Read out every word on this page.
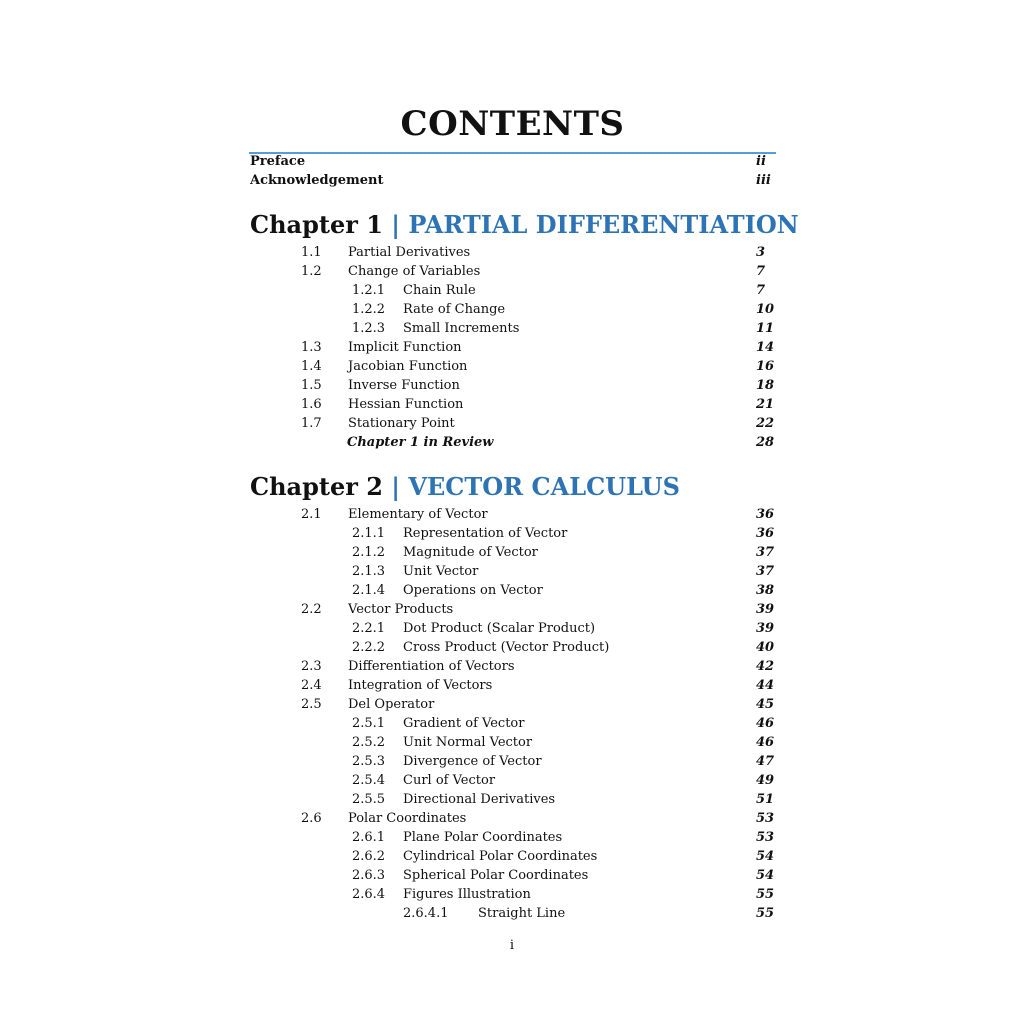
CONTENTS
Preface	ii
Acknowledgement	iii
Chapter 1 | PARTIAL DIFFERENTIATION
1.1 Partial Derivatives	3
1.2 Change of Variables	7
1.2.1 Chain Rule	7
1.2.2 Rate of Change	10
1.2.3 Small Increments	11
1.3 Implicit Function	14
1.4 Jacobian Function	16
1.5 Inverse Function	18
1.6 Hessian Function	21
1.7 Stationary Point	22
Chapter 1 in Review	28
Chapter 2 | VECTOR CALCULUS
2.1 Elementary of Vector	36
2.1.1 Representation of Vector	36
2.1.2 Magnitude of Vector	37
2.1.3 Unit Vector	37
2.1.4 Operations on Vector	38
2.2 Vector Products	39
2.2.1 Dot Product (Scalar Product)	39
2.2.2 Cross Product (Vector Product)	40
2.3 Differentiation of Vectors	42
2.4 Integration of Vectors	44
2.5 Del Operator	45
2.5.1 Gradient of Vector	46
2.5.2 Unit Normal Vector	46
2.5.3 Divergence of Vector	47
2.5.4 Curl of Vector	49
2.5.5 Directional Derivatives	51
2.6 Polar Coordinates	53
2.6.1 Plane Polar Coordinates	53
2.6.2 Cylindrical Polar Coordinates	54
2.6.3 Spherical Polar Coordinates	54
2.6.4 Figures Illustration	55
2.6.4.1 Straight Line	55
i
